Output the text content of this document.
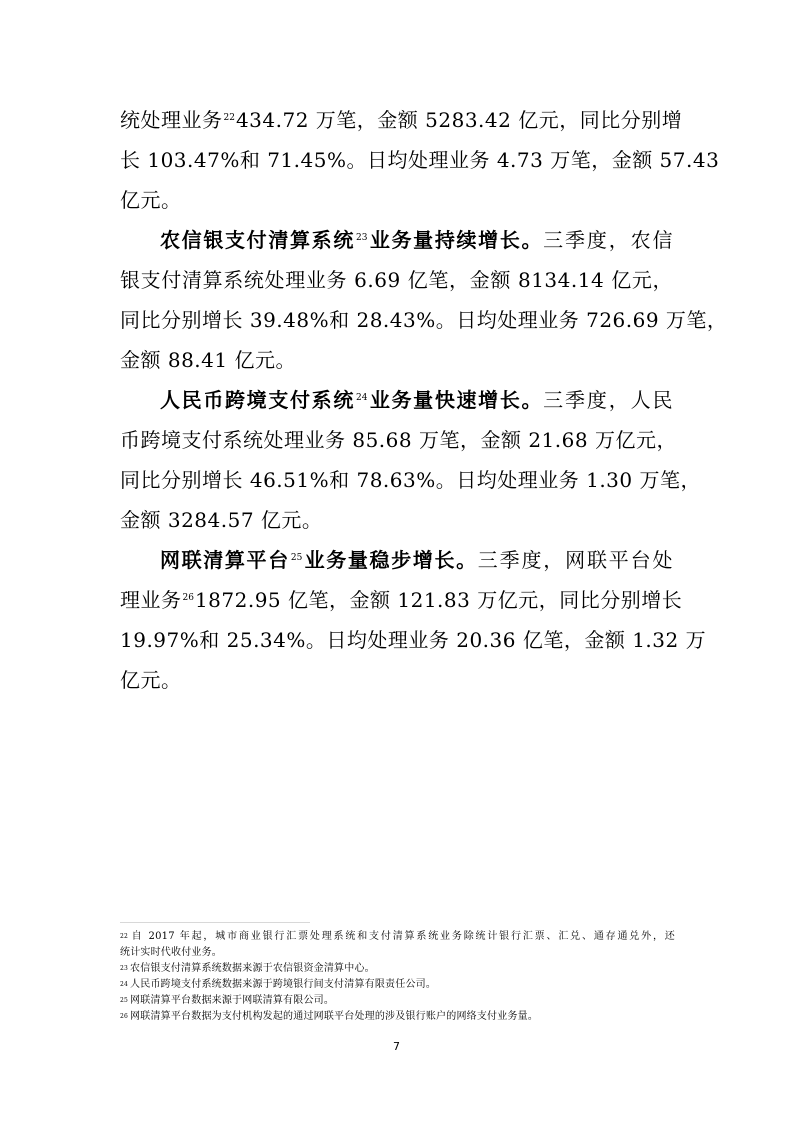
统处理业务$^{22}$434.72 万笔，金额 5283.42 亿元，同比分别增
长 103.47%和 71.45%。日均处理业务 4.73 万笔，金额 57.43
亿元。
农信银支付清算系统$^{23}$业务量持续增长。三季度，农信
银支付清算系统处理业务 6.69 亿笔，金额 8134.14 亿元，
同比分别增长 39.48%和 28.43%。日均处理业务 726.69 万笔，
金额 88.41 亿元。
人民币跨境支付系统$^{24}$业务量快速增长。三季度，人民
币跨境支付系统处理业务 85.68 万笔，金额 21.68 万亿元，
同比分别增长 46.51%和 78.63%。日均处理业务 1.30 万笔，
金额 3284.57 亿元。
网联清算平台$^{25}$业务量稳步增长。三季度，网联平台处
理业务$^{26}$1872.95 亿笔，金额 121.83 万亿元，同比分别增长
19.97%和 25.34%。日均处理业务 20.36 亿笔，金额 1.32 万
亿元。
$^{22}$ 自 2017 年起，城市商业银行汇票处理系统和支付清算系统业务除统计银行汇票、汇兑、通存通兑外，还
统计实时代收付业务。
$^{23}$ 农信银支付清算系统数据来源于农信银资金清算中心。
$^{24}$ 人民币跨境支付系统数据来源于跨境银行间支付清算有限责任公司。
$^{25}$ 网联清算平台数据来源于网联清算有限公司。
$^{26}$ 网联清算平台数据为支付机构发起的通过网联平台处理的涉及银行账户的网络支付业务量。
7
